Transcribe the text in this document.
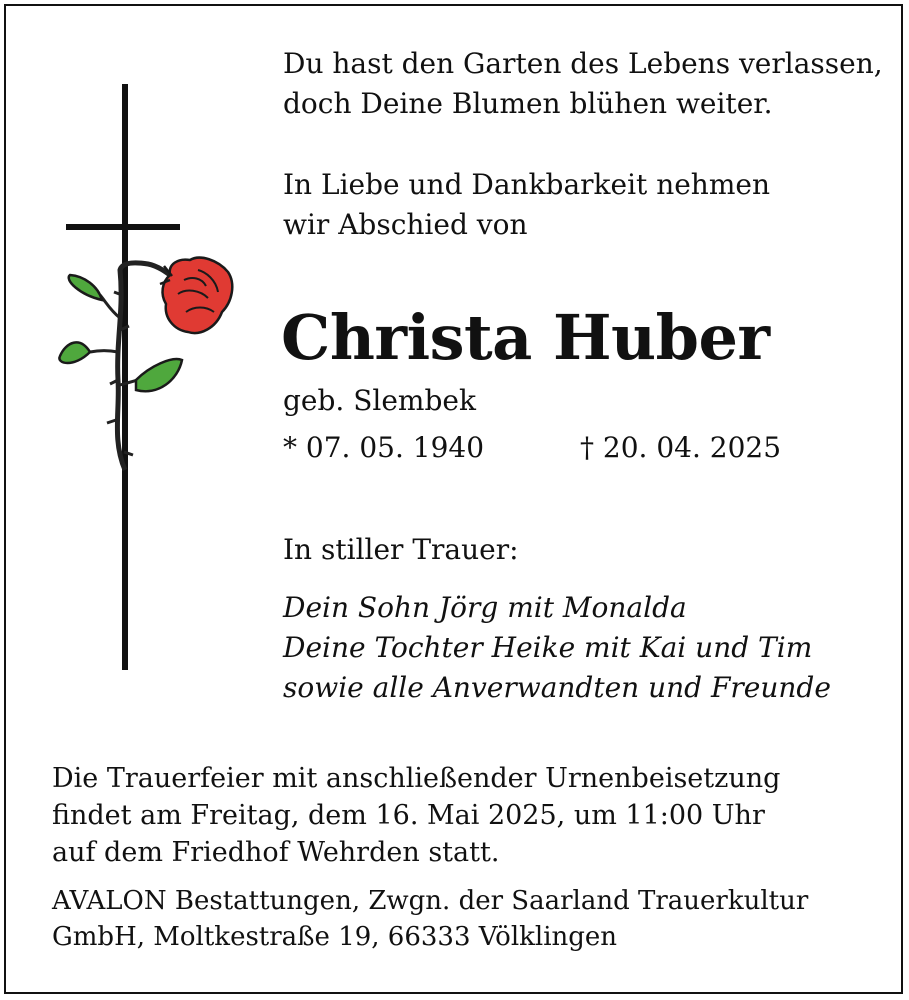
Du hast den Garten des Lebens verlassen,
doch Deine Blumen blühen weiter.
In Liebe und Dankbarkeit nehmen
wir Abschied von
Christa Huber
geb. Slembek
* 07. 05. 1940	† 20. 04. 2025
In stiller Trauer:
Dein Sohn Jörg mit Monalda
Deine Tochter Heike mit Kai und Tim
sowie alle Anverwandten und Freunde
Die Trauerfeier mit anschließender Urnenbeisetzung
findet am Freitag, dem 16. Mai 2025, um 11:00 Uhr
auf dem Friedhof Wehrden statt.
AVALON Bestattungen, Zwgn. der Saarland Trauerkultur
GmbH, Moltkestraße 19, 66333 Völklingen
